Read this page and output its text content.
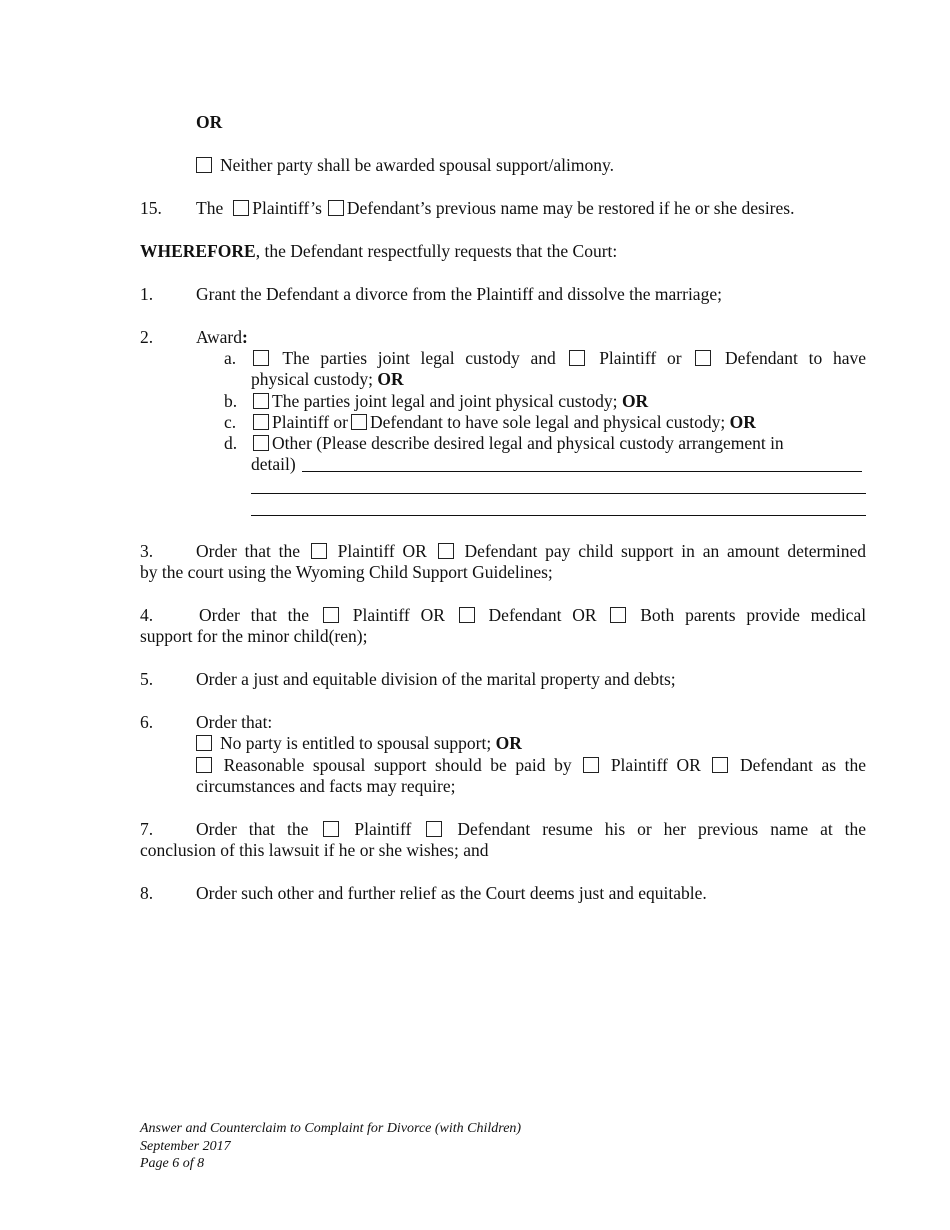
OR
Neither party shall be awarded spousal support/alimony.
15. The Plaintiff’s Defendant’s previous name may be restored if he or she desires.
WHEREFORE, the Defendant respectfully requests that the Court:
1. Grant the Defendant a divorce from the Plaintiff and dissolve the marriage;
2. Award:
a.	The parties joint legal custody and Plaintiff or Defendant to have
physical custody; OR
b.	The parties joint legal and joint physical custody; OR
c.	Plaintiff or Defendant to have sole legal and physical custody; OR
d.	Other (Please describe desired legal and physical custody arrangement in
detail)
3. Order that the Plaintiff OR Defendant pay child support in an amount determined
by the court using the Wyoming Child Support Guidelines;
4.	Order that the Plaintiff OR Defendant OR Both parents provide medical
support for the minor child(ren);
5. Order a just and equitable division of the marital property and debts;
6. Order that:
No party is entitled to spousal support; OR
Reasonable spousal support should be paid by Plaintiff OR Defendant as the
circumstances and facts may require;
7. Order that the	Plaintiff	Defendant resume his or her previous name at the
conclusion of this lawsuit if he or she wishes; and
8. Order such other and further relief as the Court deems just and equitable.
Answer and Counterclaim to Complaint for Divorce (with Children)
September 2017
Page 6 of 8
